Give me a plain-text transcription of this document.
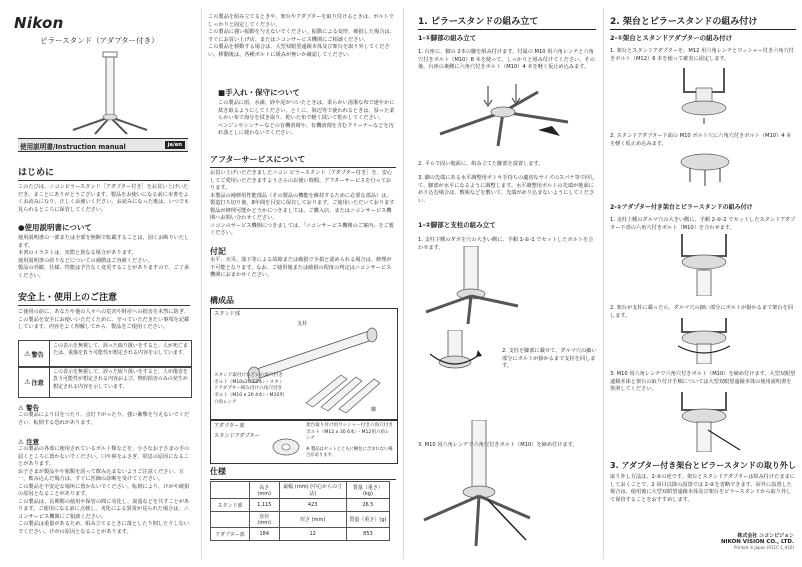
Nikon
ピラースタンド（アダプター付き）
使用説明書/Instruction manual	ja/en

はじめに

このたびは、ニコンピラースタンド［アダプター付き］をお買い上げいただき、まことにありがとうございます。製品をお使いになる前に本書をよくお読みになり、正しくお使いください。お読みになった後は、いつでも見られるところに保管してください。

●使用説明書について

使用説明書の一部または全部を無断で転載することは、固くお断りいたします。

本書のイラストは、実際と異なる場合があります。

使用説明書の誤りなどについての補償はご容赦ください。

製品の外観、仕様、性能は予告なく変更することがありますので、ご了承ください。

安全上・使用上のご注意

ご使用の前に、あなたや他の人々への危害や財産への損害を未然に防ぎ、この製品を安全にお使いいただくために、守っていただきたい事項を記載しています。内容をよく理解してから、製品をご使用ください。

⚠ 警告
この表示を無視して、誤った取り扱いをすると、人が死亡または、重傷を負う可能性が想定される内容を示しています。
⚠ 注意
この表示を無視して、誤った取り扱いをすると、人が傷害を負う可能性が想定される内容および、物的損害のみの発生が想定される内容を示しています。

⚠ 警告

この製品により目をつたり、点灯下がったり、強い衝撃を与えないでください。転倒する恐れがあります。

⚠ 注意

この製品の各部に使用されているボルト類などを、小さなお子さまの手の届くところに置かないでください。口や鼻をふさぎ、窒息の原因になることがあります。

お子さまが製品やや箱類を誤って飲み込まないようご注意ください。万一、飲み込んだ場合は、すぐに医師の診断を受けてください。

この製品を不安定な場所に置かないでください。転倒により、けがや破損の原因となることがあります。

この製品は、長期間の使用や保管の間に劣化し、衰弱などを共すことがあります。ご使用になる前に点検し、劣化による異常が見られた場合は、ニコンサービス機関にご相談ください。

この製品は重量があるため、組み立てるときに落としたり倒したりしないでください。けがの原因となることがあります。

この製品を組み立てるときや、架台やアダプターを取り付けるときは、ボルトでしっかりと固定してください。

この製品に強い振動を与えないでください。振動による変形、破損した場合は、すぐにお買い上げ店、またはニコンサービス機関にご相談ください。

この製品を移動する場合は、大型双眼望遠鏡本体及び架台を取り外してください。移動後は、各種ボルトに緩みが無いか確認してください。

■手入れ・保守について

この製品に雨、水滴、砂や泥がついたときは、柔らかい清潔な布で速やかに拭き取るようにしてください。とくに、海辺等で使われるときは、湿った柔らかい布で海分を拭き取り、乾いた布で軽く拭いて乾かしてください。

ベンジンやシンナーなどの有機溶剤や、有機溶剤を含むクリーナーなどを汚れ落としに使わないでください。

アフターサービスについて

お買い上げいただきましたニコン ピラースタンド［アダプター付き］を、安心してご愛用いただきますようさらのお使い時間、アフターサービスを行っております。

本製品の補修用性能部品（その製品の機能を維持するために必要な部品）は、製造打ち切り後、8年間を目安に保有しております。ご使用いただいております製品が修理可能かどうかにつきましては、ご購入店、またはニコンサービス機関へお問い合わせください。

ニコンのサービス機関につきましては、「ニコンサービス機関のご案内」をご覧ください。

付記

水平、火災、落下等による故障または破損で全損と認められる場合は、修理が不可能となります。なお、ご使用後または破損の程度の判定はニコンサービス機関におまかせください。

構成品

スタンド部
支柱

スタンド取付けなどの六角穴付きボルト（M10x20 12本）・スタンドアダプター組み付け六角穴付きボルト（M10 x 20 4本）・M10用六角レンチ

脚
アダプター部
スタンドアダプター

架台取り付け用ワッシャー付き六角穴付きボルト（M12 x 30 6本）・M12用六角レンチ

※ 製品はセットとともに梱包に含まれない場合があります。

仕様

	高さ (mm)	最幅 (mm) (中心からの寸法)	質量（重さ）(kg)
スタンド部	1,115	423	26.5
	直径 (mm)	厚さ (mm)	質量（重さ）(g)
アダプター部	184	12	853

1. ピラースタンドの組み立て

1-①脚部の組み立て

1. 台座に、脚の 2本の脚を組み付けます。付属の M10 用六角レンチと六角穴付きボルト（M10）8 本を使って、しっかりと組み付けてください。その後、台座の裏側に六角穴付きボルト（M10）4 本を軽く仮止め込みます。

2. 平らで固い地面に、組み立てた脚部を設置します。

3. 脚の先端にある水平調整用ボトキ手持ちの適切なサイズのスパナ等で回して、脚部が水平になるように調整します。水平調整用ボルトの先端が地面にめり込む場合は、敷板などを敷いて、先端がめり込まないようにしてください。

1-②脚部と支柱の組み立て

1. 支柱下側のダボを穴の大きい側に、手順 1-①-1 でセットしたボルトを合わせます。

2. 支柱を脚部に載せて、ダルマ穴の細い部分にボルトが掛かるまで支柱を回します。

3. M10 用六角レンチで六角穴付きボルト（M10）を締め付けます。

2. 架台とピラースタンドの組み付け

2-①架台とスタンドアダプターの組み付け

1. 架台とスタンドアダプターを、M12 用六角レンチとワッシャー付き六角穴付きボルト（M12）6 本を使って確実に固定します。

2. スタンドアダプター下面の M10 ボルト穴に六角穴付きボルト（M10）4 本を軽く仮止め込みます。

2-②アダプター付き架台とピラースタンドの組み付け

1. 支柱上側のダルマ穴の大きい側に、手順 2-①-2 でセットしたスタンドアダプター下部の六角穴付きボルト（M10）を合わせます。

2. 架台が支柱に載ったら、ダルマ穴の細い部分にボルトが掛かるまで架台を回します。

3. M10 用六角レンチで六角穴付きボルト（M10）を締め付けます。大型双眼望遠鏡本体と架台の取り付け手順については大型双眼望遠鏡本体の使用説明書を参照してください。

3. アダプター付き架台とピラースタンドの取り外し

取り外し方法は、2-②の逆です。架台とスタンドアダプターは組み付けたままにしておくことで、2 回目以降の設置では 2-②を省略できます。屋外に設置した場合は、使用後に大型双眼望遠鏡本体及び架台をピラースタンドから取り外して保管することをおすすめします。

株式会社 ニコンビジョン
NIKON VISION CO., LTD.
Printed in Japan (911C-1_910)
